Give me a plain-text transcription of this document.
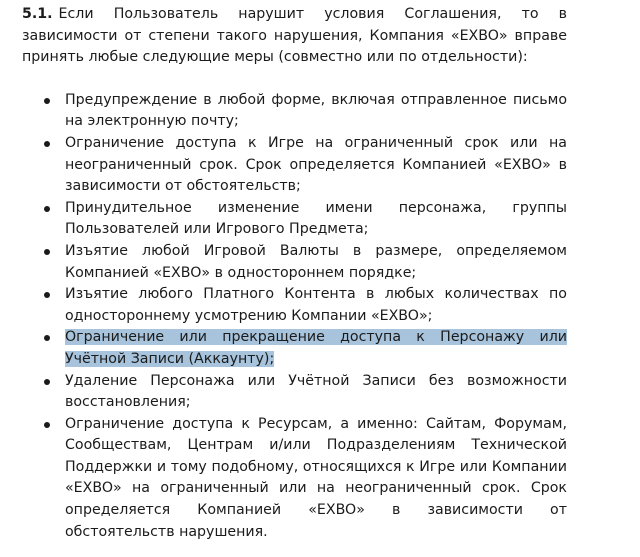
5.1. Если Пользователь нарушит условия Соглашения, то в зависимости от степени такого нарушения, Компания «EXBO» вправе принять любые следующие меры (совместно или по отдельности):

Предупреждение в любой форме, включая отправленное письмо на электронную почту;
Ограничение доступа к Игре на ограниченный срок или на неограниченный срок. Срок определяется Компанией «EXBO» в зависимости от обстоятельств;
Принудительное изменение имени персонажа, группы Пользователей или Игрового Предмета;
Изъятие любой Игровой Валюты в размере, определяемом Компанией «EXBO» в одностороннем порядке;
Изъятие любого Платного Контента в любых количествах по одностороннему усмотрению Компании «EXBO»;
Ограничение или прекращение доступа к Персонажу или Учётной Записи (Аккаунту);
Удаление Персонажа или Учётной Записи без возможности восстановления;
Ограничение доступа к Ресурсам, а именно: Сайтам, Форумам, Сообществам, Центрам и/или Подразделениям Технической Поддержки и тому подобному, относящихся к Игре или Компании «EXBO» на ограниченный или на неограниченный срок. Срок определяется Компанией «EXBO» в зависимости от обстоятельств нарушения.
